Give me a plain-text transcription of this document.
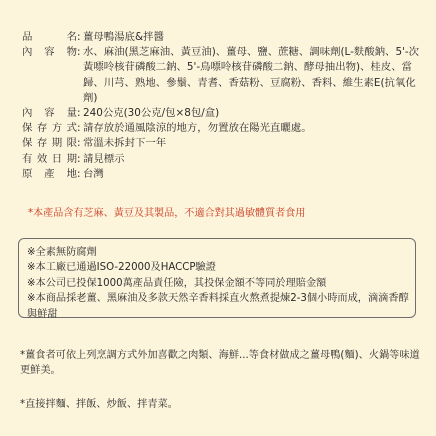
品名 : 薑母鴨湯底&拌醬
內容物 : 水、麻油(黑芝麻油、黃豆油)、薑母、鹽、蔗糖、調味劑(L-麩酸鈉、5'-次黃嘌呤核苷磷酸二鈉、5'-鳥嘌呤核苷磷酸二鈉、酵母抽出物)、桂皮、當歸、川芎、熟地、參鬚、青耆、香菇粉、豆腐粉、香料、維生素E(抗氧化劑)
內容量 : 240公克(30公克/包×8包/盒)
保存方式 : 請存放於通風陰涼的地方，勿置放在陽光直曬處。
保存期限 : 常溫未拆封下一年
有效日期 : 請見標示
原產地 : 台灣
*本產品含有芝麻、黃豆及其製品，不適合對其過敏體質者食用

※全素無防腐劑

※本工廠已通過ISO-22000及HACCP驗證

※本公司已投保1000萬產品責任險，其投保金額不等同於理賠金額

※本商品採老薑、黑麻油及多款天然辛香料採直火熬煮提煉2-3個小時而成，滴滴香醇與鮮甜

*薑食者可依上列烹調方式外加喜歡之肉類、海鮮...等食材做成之薑母鴨(麵)、火鍋等味道更鮮美。
*直接拌麵、拌飯、炒飯、拌青菜。
